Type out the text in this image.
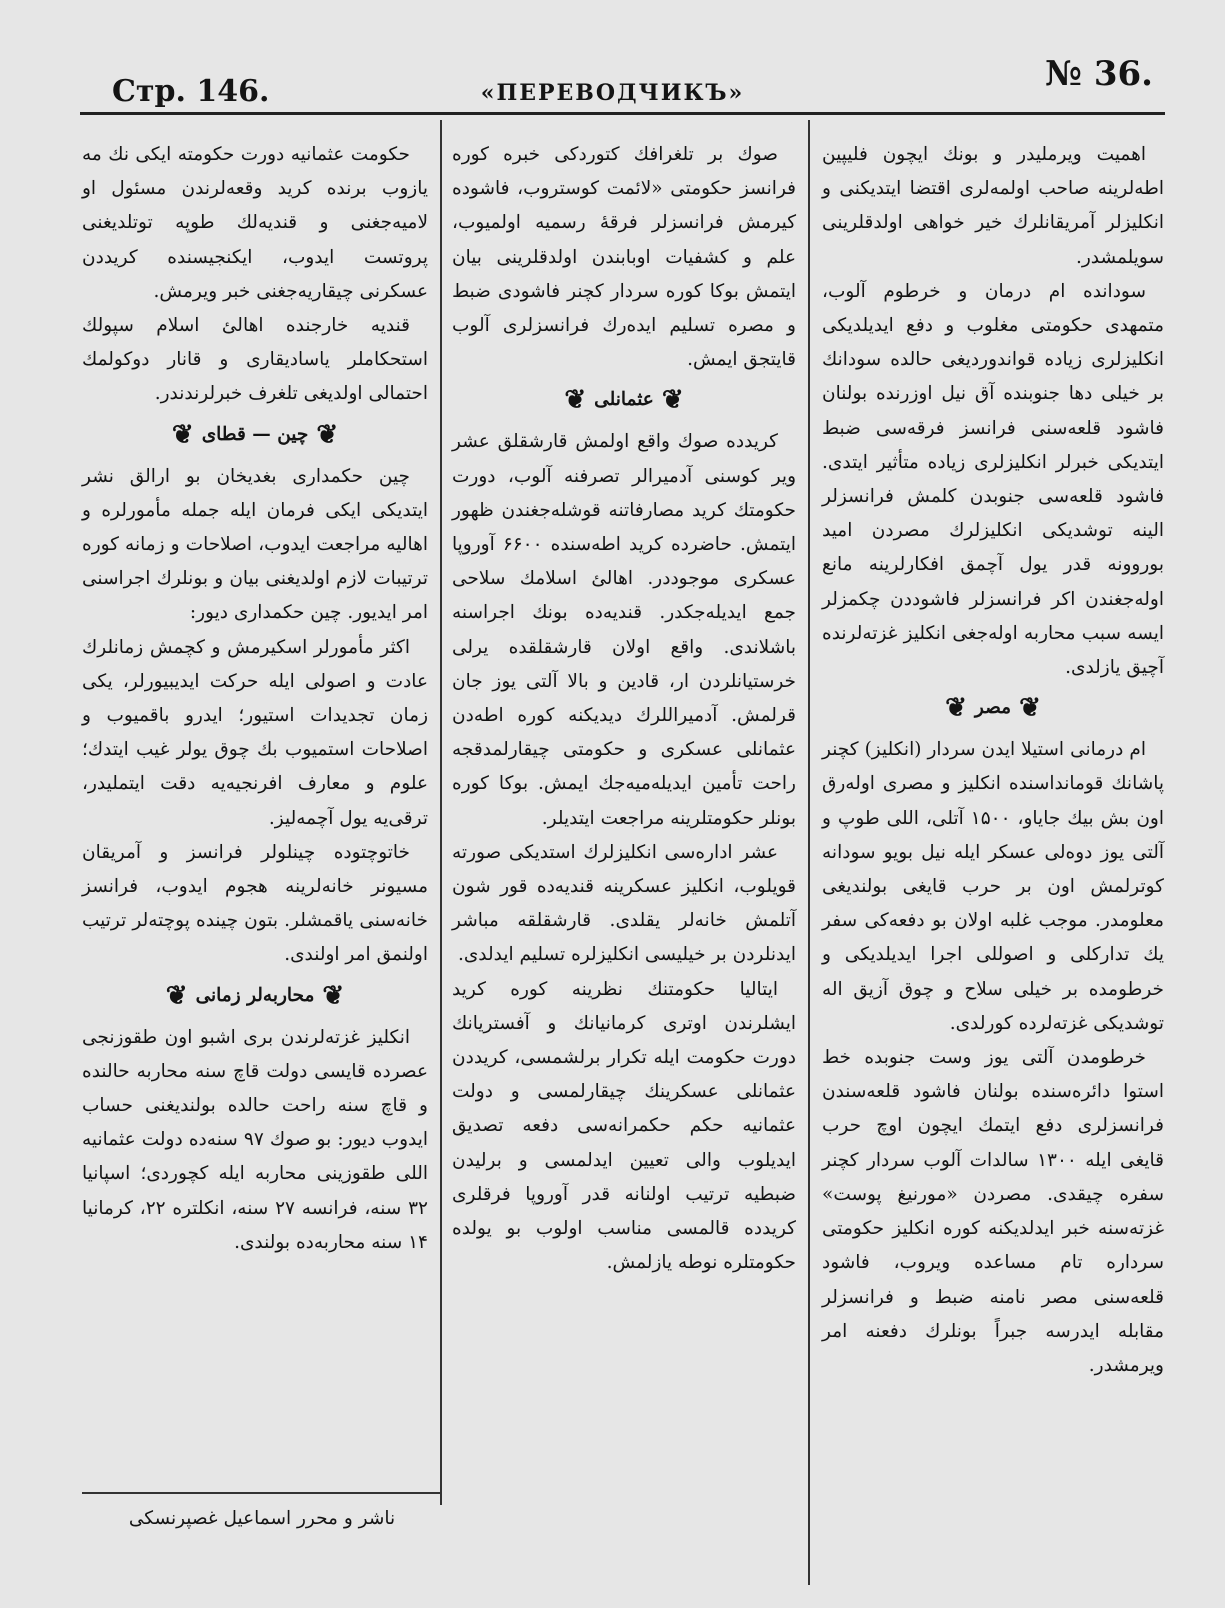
Стр. 146.	«ПЕРЕВОДЧИКЪ»	№ 36.

حكومت عثمانيه دورت حكومته ايكى نك مه يازوب برنده كريد وقعه‌لرندن مسئول او لاميه‌جغنى و قنديه‌لك طوپه توتلديغنى پروتست ايدوب، ايكنجيسنده كريددن عسكرنى چيقاريه‌جغنى خبر ويرمش.

قنديه خارجنده اهالئ اسلام سپولك استحكاملر ياساديقارى و قانار دوكولمك احتمالى اولديغى تلغرف خبرلرندندر.

❦چين — قطاى❦

چين حكمدارى بغديخان بو ارالق نشر ايتديكى ايكى فرمان ايله جمله مأمورلره و اهاليه مراجعت ايدوب، اصلاحات و زمانه كوره ترتيبات لازم اولديغنى بيان و بونلرك اجراسنى امر ايديور. چين حكمدارى ديور:

اكثر مأمورلر اسكيرمش و كچمش زمانلرك عادت و اصولى ايله حركت ايديبيورلر، يكى زمان تجديدات استيور؛ ايدرو باقميوب و اصلاحات استميوب بك چوق يولر غيب ايتدك؛ علوم و معارف افرنجيه‌يه دقت ايتمليدر، ترقى‌يه يول آچمه‌ليز.

خاتوچتوده چينلولر فرانسز و آمريقان مسيونر خانه‌لرينه هجوم ايدوب، فرانسز خانه‌سنى ياقمشلر. بتون چينده پوچته‌لر ترتيب اولنمق امر اولندى.

❦محاربه‌لر زمانى❦

انكليز غزته‌لرندن برى اشبو اون طقوزنجى عصرده قايسى دولت قاچ سنه محاربه حالنده و قاچ سنه راحت حالده بولنديغنى حساب ايدوب ديور: بو صوك ۹۷ سنه‌ده دولت عثمانيه اللى طقوزينى محاربه ايله كچوردى؛ اسپانيا ۳۲ سنه، فرانسه ۲۷ سنه، انكلتره ۲۲، كرمانيا ۱۴ سنه محاربه‌ده بولندى.

ناشر و محرر اسماعيل غصپرنسكى

صوك بر تلغرافك كتوردكى خبره كوره فرانسز حكومتى «لائمت كوستروب، فاشوده كيرمش فرانسزلر فرقهٔ رسميه اولميوب، علم و كشفيات اوبابندن اولدقلرينى بيان ايتمش بوكا كوره سردار كچنر فاشودى ضبط و مصره تسليم ايده‌رك فرانسزلرى آلوب قايتجق ايمش.

❦عثمانلى❦

كريدده صوك واقع اولمش قارشقلق عشر وير كوسنى آدميرالر تصرفنه آلوب، دورت حكومتك كريد مصارفاتنه قوشله‌جغندن ظهور ايتمش. حاضرده كريد اطه‌سنده ۶۶۰۰ آوروپا عسكرى موجوددر. اهالئ اسلامك سلاحى جمع ايديله‌جكدر. قنديه‌ده بونك اجراسنه باشلاندى. واقع اولان قارشقلقده يرلى خرستيانلردن ار، قادين و بالا آلتى يوز جان قرلمش. آدميراللرك ديديكنه كوره اطه‌دن عثمانلى عسكرى و حكومتى چيقارلمدقجه راحت تأمين ايديله‌ميه‌جك ايمش. بوكا كوره بونلر حكومتلرينه مراجعت ايتديلر.

عشر اداره‌سى انكليزلرك استديكى صورته قويلوب، انكليز عسكرينه قنديه‌ده قور شون آتلمش خانه‌لر يقلدى. قارشقلقه مباشر ايدنلردن بر خيليسى انكليزلره تسليم ايدلدى.

ايتاليا حكومتنك نظرينه كوره كريد ايشلرندن اوترى كرمانيانك و آفستريانك دورت حكومت ايله تكرار برلشمسى، كريددن عثمانلى عسكرينك چيقارلمسى و دولت عثمانيه حكم حكمرانه‌سى دفعه تصديق ايديلوب والى تعيين ايدلمسى و برليدن ضبطيه ترتيب اولنانه قدر آوروپا فرقلرى كريدده قالمسى مناسب اولوب بو يولده حكومتلره نوطه يازلمش.

اهميت ويرمليدر و بونك ايچون فليپين اطه‌لرينه صاحب اولمه‌لرى اقتضا ايتديكنى و انكليزلر آمريقانلرك خير خواهى اولدقلرينى سويلمشدر.

سودانده ام درمان و خرطوم آلوب، متمهدى حكومتى مغلوب و دفع ايديلديكى انكليزلرى زياده قواندورديغى حالده سودانك بر خيلى دها جنوبنده آق نيل اوزرنده بولنان فاشود قلعه‌سنى فرانسز فرقه‌سى ضبط ايتديكى خبرلر انكليزلرى زياده متأثير ايتدى. فاشود قلعه‌سى جنوبدن كلمش فرانسزلر الينه توشديكى انكليزلرك مصردن اميد بوروونه قدر يول آچمق افكارلرينه مانع اوله‌جغندن اكر فرانسزلر فاشوددن چكمزلر ايسه سبب محاربه اوله‌جغى انكليز غزته‌لرنده آچيق يازلدى.

❦مصر❦

ام درمانى استيلا ايدن سردار (انكليز) كچنر پاشانك قومانداسنده انكليز و مصرى اوله‌رق اون بش بيك جاياو، ۱۵۰۰ آتلى، اللى طوپ و آلتى يوز دوه‌لى عسكر ايله نيل بويو سودانه كوترلمش اون بر حرب قايغى بولنديغى معلومدر. موجب غلبه اولان بو دفعه‌كى سفر يك تداركلى و اصوللى اجرا ايديلديكى و خرطومده بر خيلى سلاح و چوق آزيق اله توشديكى غزته‌لرده كورلدى.

خرطومدن آلتى يوز وست جنوبده خط استوا دائره‌سنده بولنان فاشود قلعه‌سندن فرانسزلرى دفع ايتمك ايچون اوچ حرب قايغى ايله ۱۳۰۰ سالدات آلوب سردار كچنر سفره چيقدى. مصردن «مورنيغ پوست» غزته‌سنه خبر ايدلديكنه كوره انكليز حكومتى سرداره تام مساعده ويروب، فاشود قلعه‌سنى مصر نامنه ضبط و فرانسزلر مقابله ايدرسه جبراً بونلرك دفعنه امر ويرمشدر.
